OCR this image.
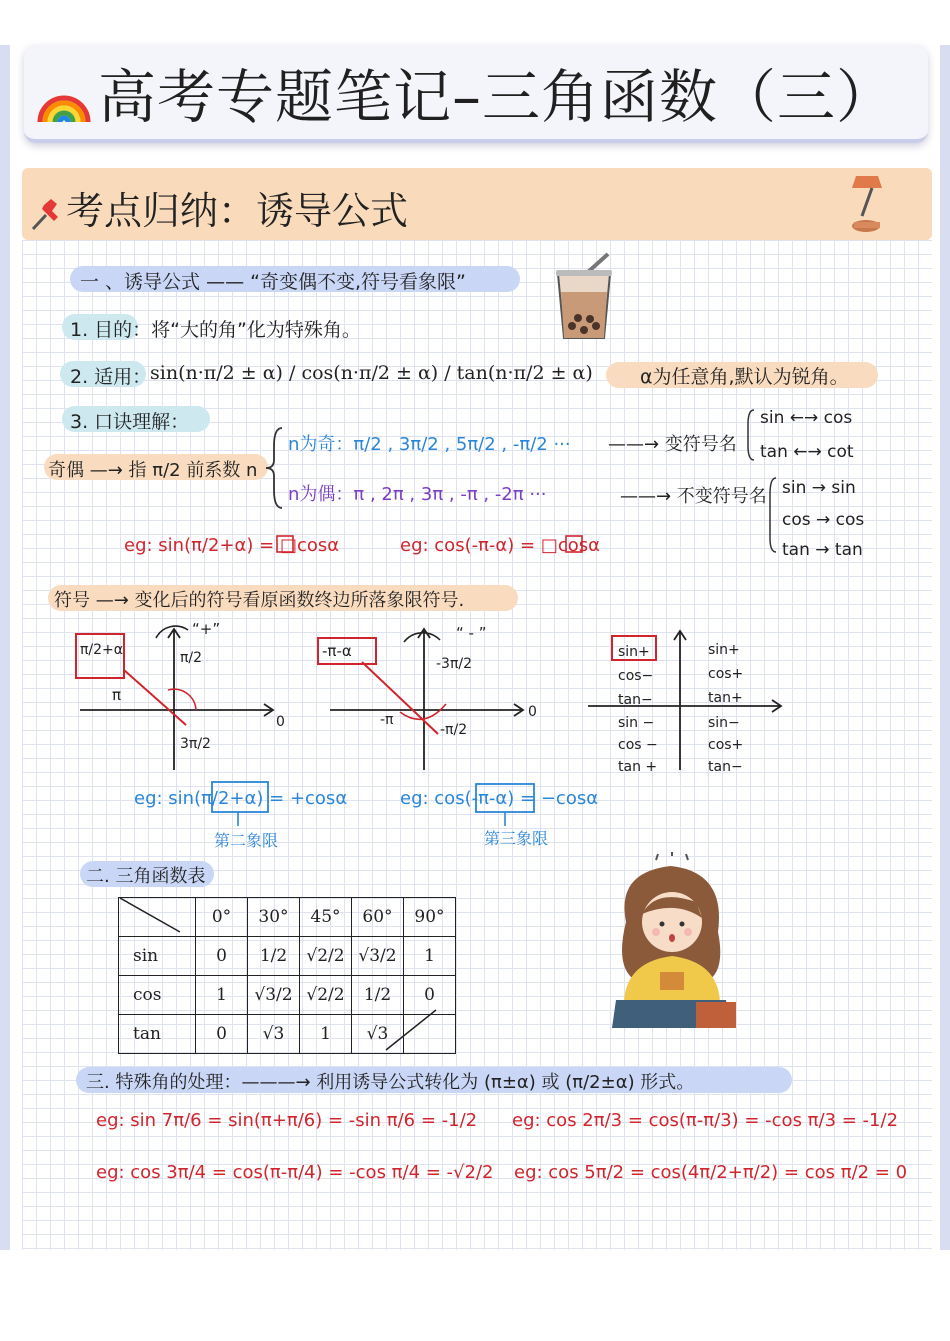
高考专题笔记–三角函数（三）
考点归纳：诱导公式
一 、诱导公式 —— “奇变偶不变,符号看象限”
1. 目的：将“大的角”化为特殊角。
2. 适用：
sin(n·π/2 ± α) / cos(n·π/2 ± α) / tan(n·π/2 ± α) α为任意角,默认为锐角。
3. 口诀理解：
奇偶 —→ 指 π/2 前系数 n
n为奇：π/2 , 3π/2 , 5π/2 , -π/2 ··· ——→ 变符号名
sin ←→ cos
tan ←→ cot
n为偶：π , 2π , 3π , -π , -2π ···	——→ 不变符号名 sin → sin
cos → cos
tan → tan
eg: sin(π/2+α) = □cosα	eg: cos(-π-α) = □cosα
符号 —→ 变化后的符号看原函数终边所落象限符号.
π/2+α
“+”
π/2
π
0
3π/2
-π-α
“ - ”
-3π/2
-π	0
-π/2
sin+
cos−
tan−
sin+
cos+
tan+
sin −
cos −
tan +
sin−
cos+
tan−
eg: sin(π/2+α) = +cosα
第二象限
eg: cos(-π-α) = −cosα
第三象限
二. 三角函数表
	0°	30°	45°	60°	90°
sin	0	1/2	√2/2	√3/2	1
cos	1	√3/2	√2/2	1/2	0
tan	0	√3	1	√3	
三. 特殊角的处理：———→ 利用诱导公式转化为 (π±α) 或 (π/2±α) 形式。
eg: sin 7π/6 = sin(π+π/6) = -sin π/6 = -1/2 eg: cos 2π/3 = cos(π-π/3) = -cos π/3 = -1/2
eg: cos 3π/4 = cos(π-π/4) = -cos π/4 = -√2/2 eg: cos 5π/2 = cos(4π/2+π/2) = cos π/2 = 0
